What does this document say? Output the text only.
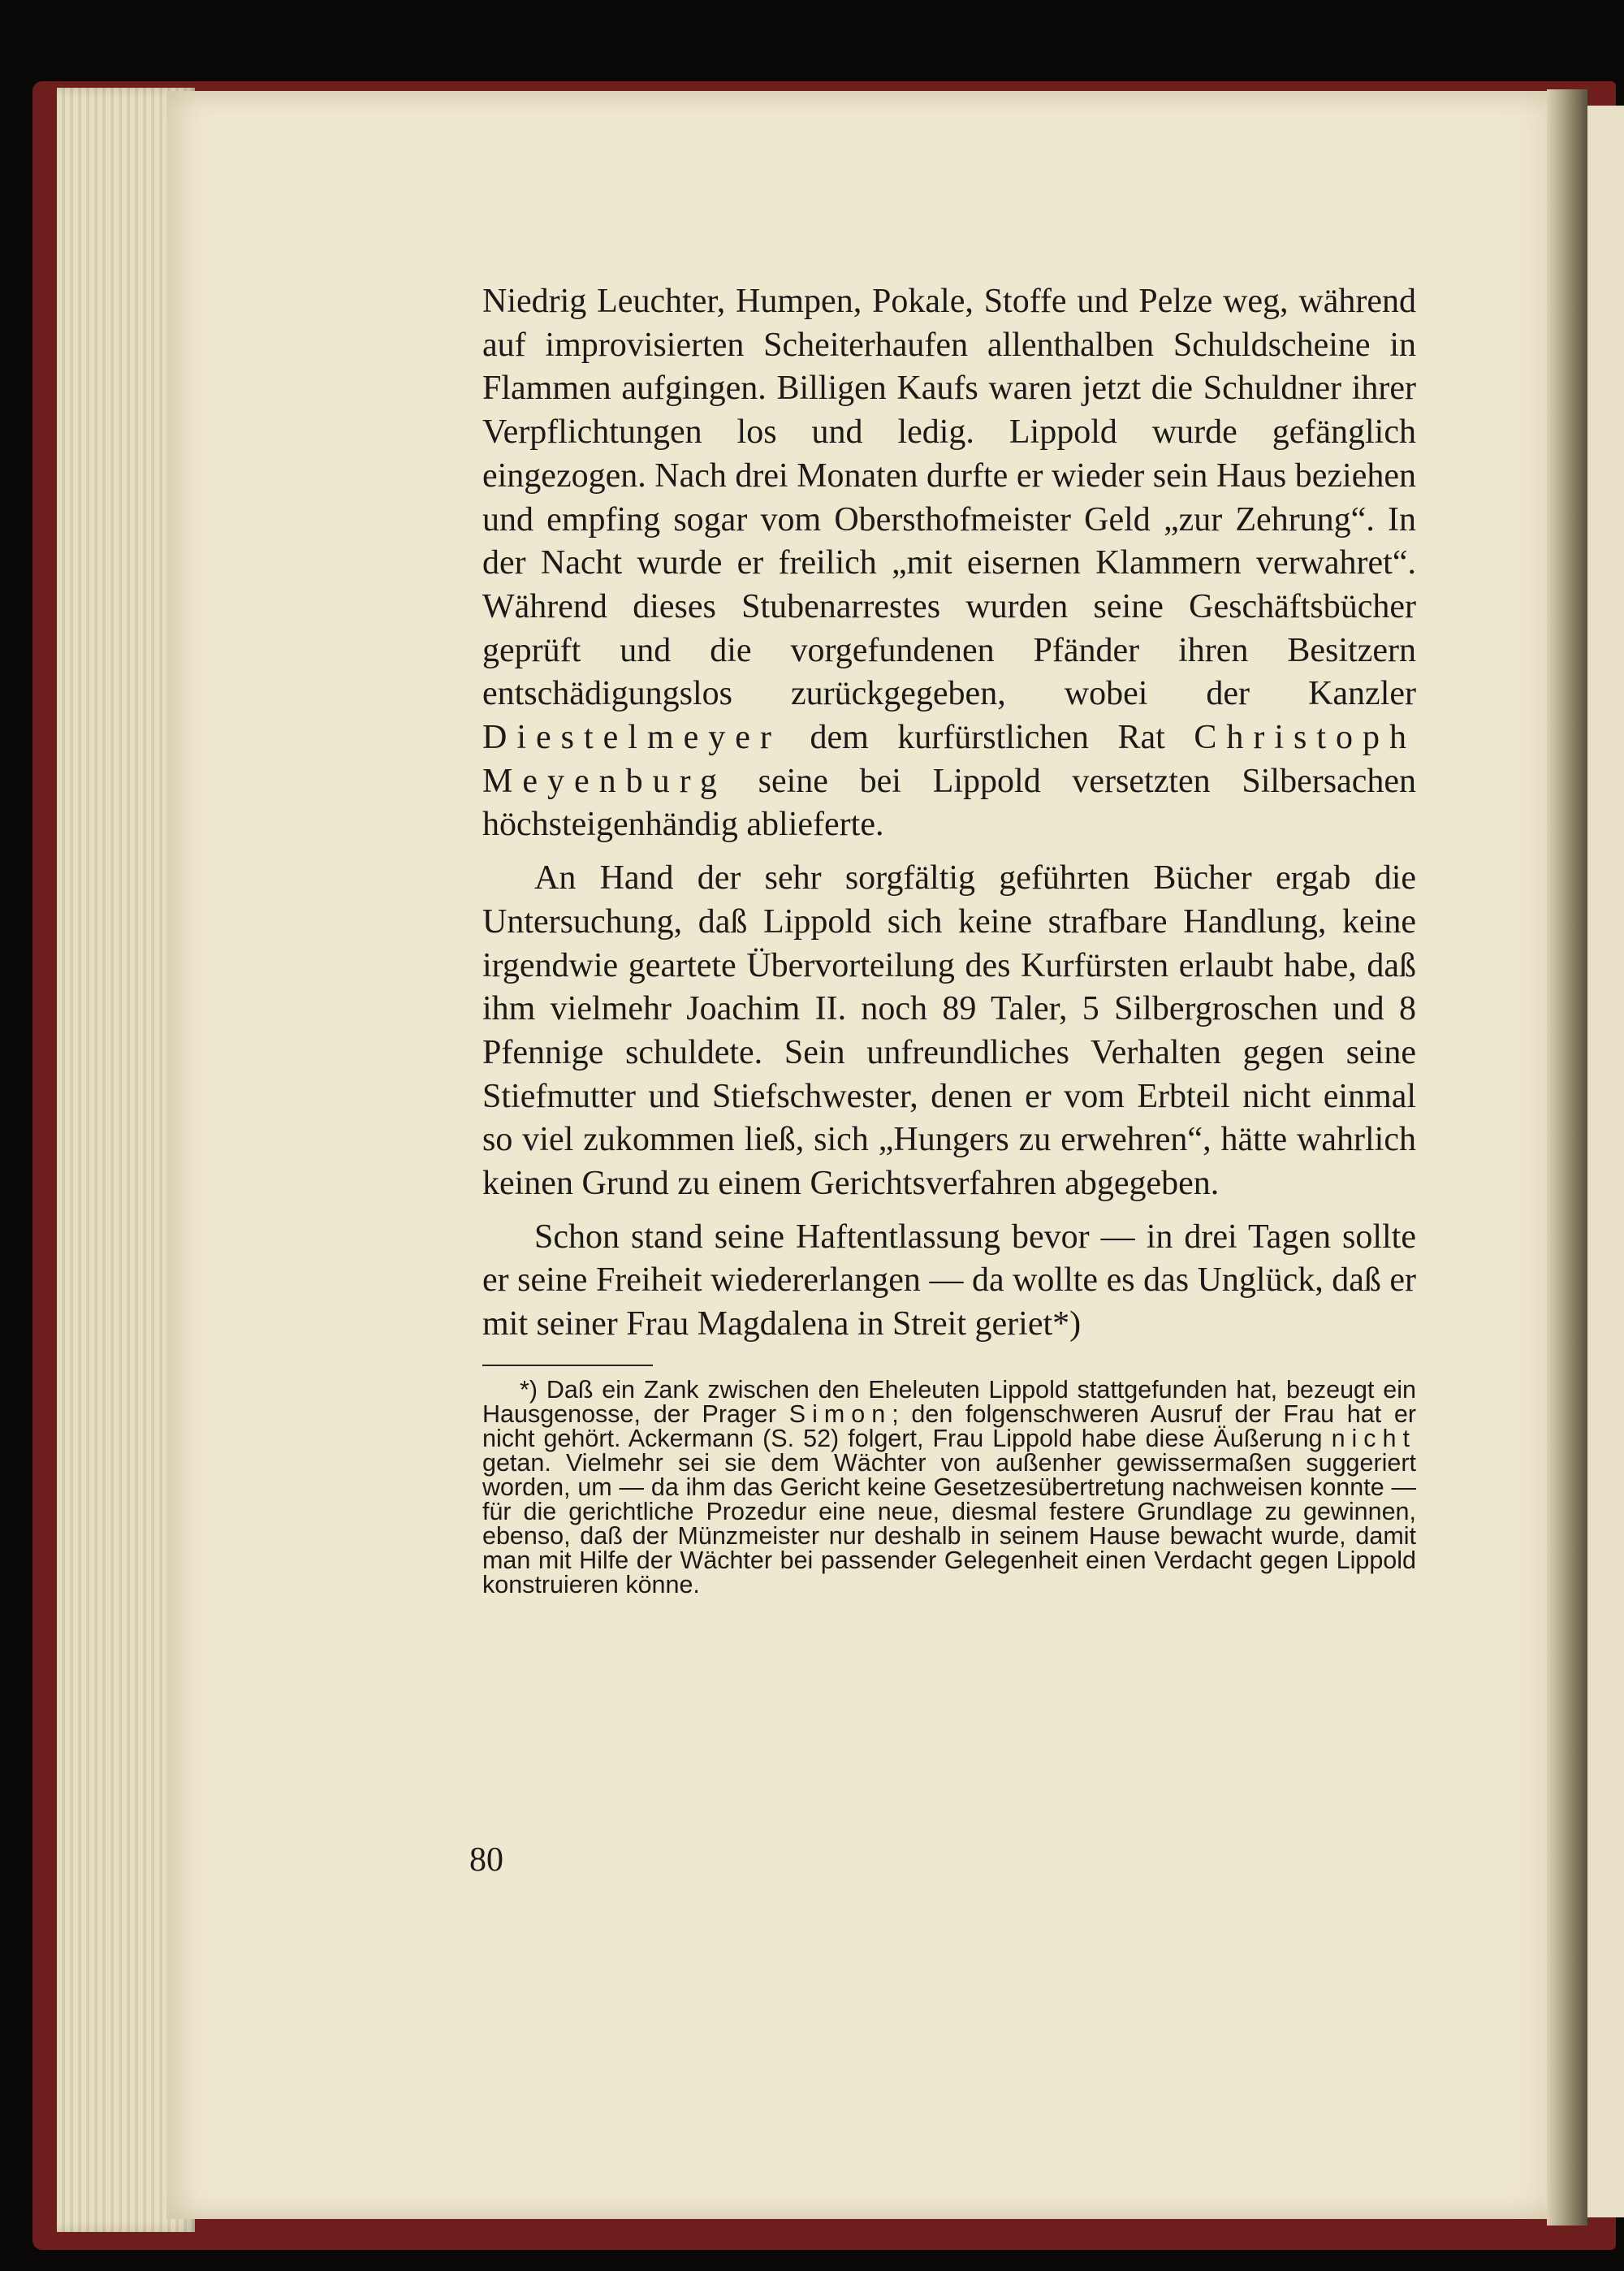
Niedrig Leuchter, Humpen, Pokale, Stoffe und Pelze weg, während auf improvisierten Scheiterhaufen allenthalben Schuldscheine in Flammen aufgingen. Billigen Kaufs waren jetzt die Schuldner ihrer Verpflichtungen los und ledig. Lippold wurde gefänglich eingezogen. Nach drei Monaten durfte er wieder sein Haus beziehen und empfing sogar vom Obersthofmeister Geld „zur Zehrung“. In der Nacht wurde er freilich „mit eisernen Klammern verwahret“. Während dieses Stubenarrestes wurden seine Geschäftsbücher geprüft und die vorgefundenen Pfänder ihren Besitzern entschädigungslos zurückgegeben, wobei der Kanzler Diestelmeyer dem kurfürstlichen Rat Christoph Meyenburg seine bei Lippold versetzten Silbersachen höchsteigenhändig ablieferte.

An Hand der sehr sorgfältig geführten Bücher ergab die Untersuchung, daß Lippold sich keine strafbare Handlung, keine irgendwie geartete Übervorteilung des Kurfürsten erlaubt habe, daß ihm vielmehr Joachim II. noch 89 Taler, 5 Silbergroschen und 8 Pfennige schuldete. Sein unfreundliches Verhalten gegen seine Stiefmutter und Stiefschwester, denen er vom Erbteil nicht einmal so viel zukommen ließ, sich „Hungers zu erwehren“, hätte wahrlich keinen Grund zu einem Gerichtsverfahren abgegeben.

Schon stand seine Haftentlassung bevor — in drei Tagen sollte er seine Freiheit wiedererlangen — da wollte es das Unglück, daß er mit seiner Frau Magdalena in Streit geriet*)

*) Daß ein Zank zwischen den Eheleuten Lippold stattgefunden hat, bezeugt ein Hausgenosse, der Prager Simon; den folgenschweren Ausruf der Frau hat er nicht gehört. Ackermann (S. 52) folgert, Frau Lippold habe diese Äußerung nicht getan. Vielmehr sei sie dem Wächter von außenher gewissermaßen suggeriert worden, um — da ihm das Gericht keine Gesetzesübertretung nachweisen konnte — für die gerichtliche Prozedur eine neue, diesmal festere Grundlage zu gewinnen, ebenso, daß der Münzmeister nur deshalb in seinem Hause bewacht wurde, damit man mit Hilfe der Wächter bei passender Gelegenheit einen Verdacht gegen Lippold konstruieren könne.

80
